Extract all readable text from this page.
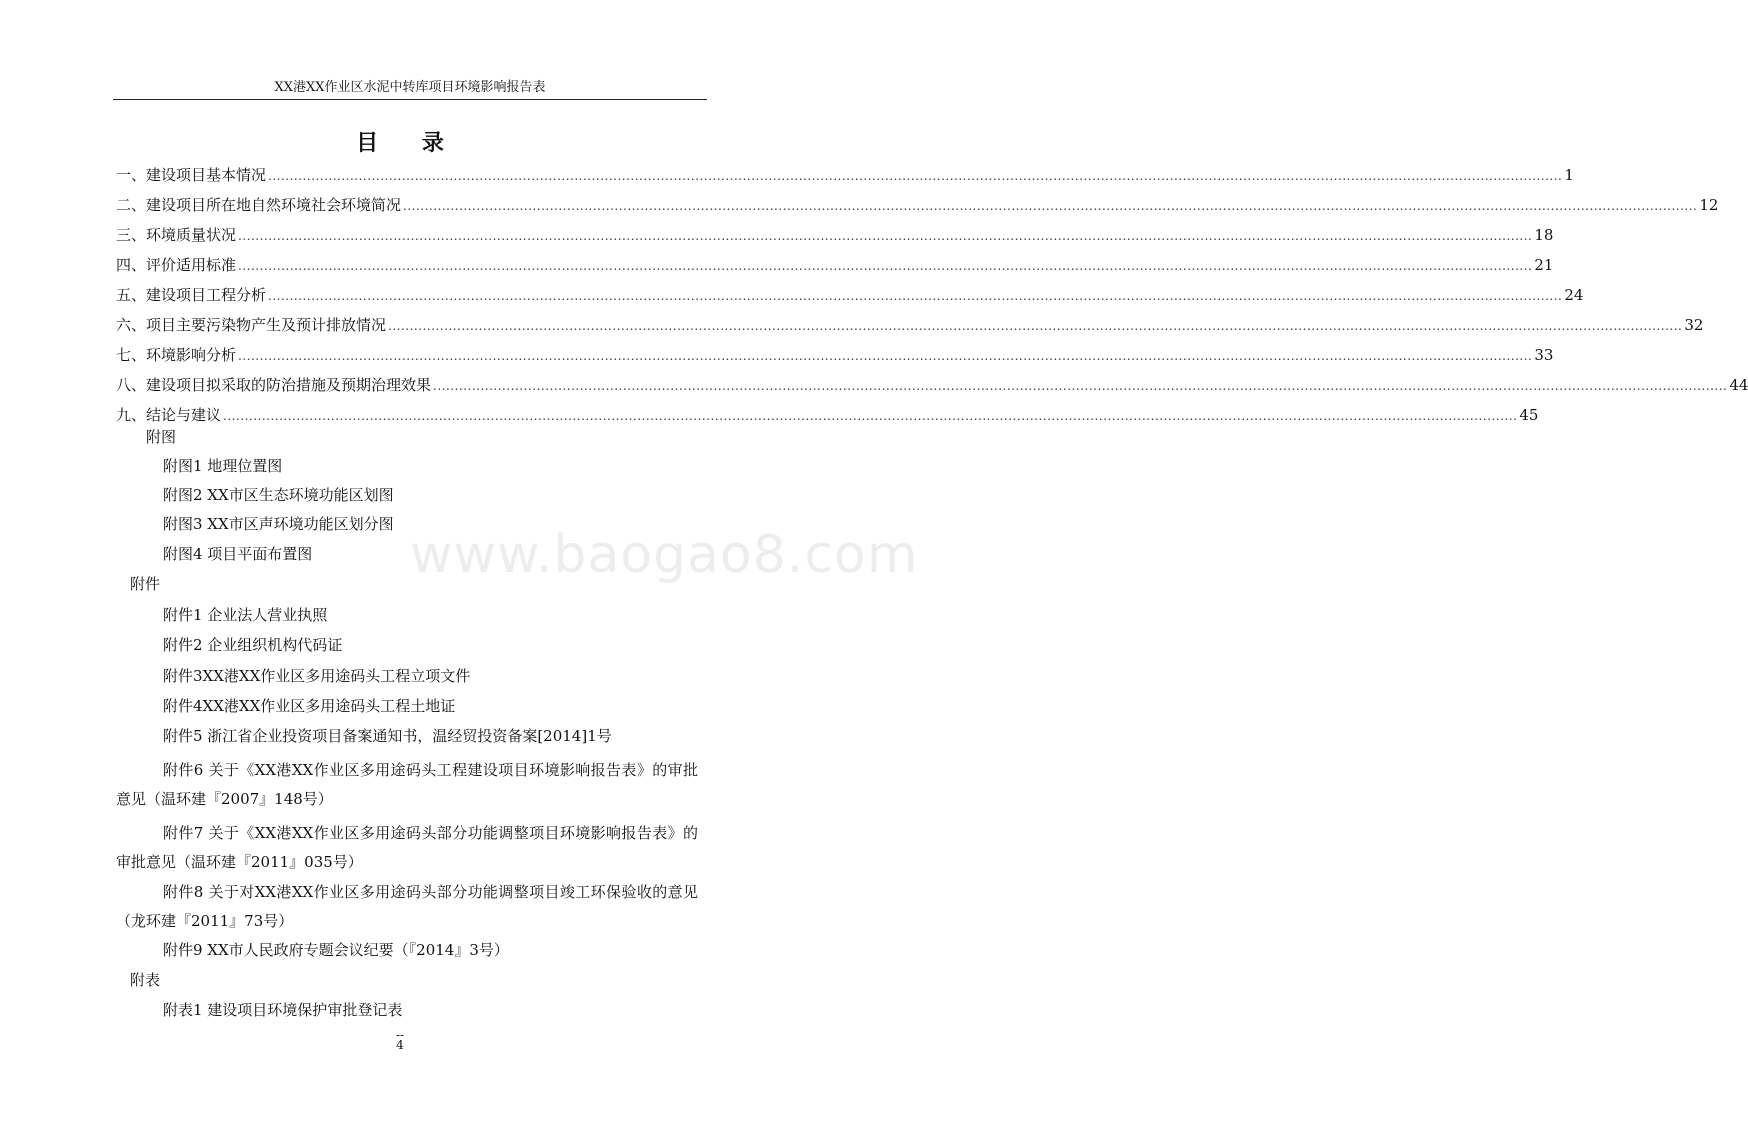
XX港XX作业区水泥中转库项目环境影响报告表
www.baogao8.com
目 录
一、建设项目基本情况 ............................................................................................................................................................................................................................................................................................................ 1
二、建设项目所在地自然环境社会环境简况 ............................................................................................................................................................................................................................................................................................................ 12
三、环境质量状况 ............................................................................................................................................................................................................................................................................................................ 18
四、评价适用标准 ............................................................................................................................................................................................................................................................................................................ 21
五、建设项目工程分析 ............................................................................................................................................................................................................................................................................................................ 24
六、项目主要污染物产生及预计排放情况 ............................................................................................................................................................................................................................................................................................................ 32
七、环境影响分析 ............................................................................................................................................................................................................................................................................................................ 33
八、建设项目拟采取的防治措施及预期治理效果 ............................................................................................................................................................................................................................................................................................................ 44
九、结论与建议 ............................................................................................................................................................................................................................................................................................................ 45
附图
附图1 地理位置图
附图2 XX市区生态环境功能区划图
附图3 XX市区声环境功能区划分图
附图4 项目平面布置图
附件
附件1 企业法人营业执照
附件2 企业组织机构代码证
附件3XX港XX作业区多用途码头工程立项文件
附件4XX港XX作业区多用途码头工程土地证
附件5 浙江省企业投资项目备案通知书，温经贸投资备案[2014]1号
附件6 关于《XX港XX作业区多用途码头工程建设项目环境影响报告表》的审批意见（温环建『2007』148号）
附件7 关于《XX港XX作业区多用途码头部分功能调整项目环境影响报告表》的审批意见（温环建『2011』035号）
附件8 关于对XX港XX作业区多用途码头部分功能调整项目竣工环保验收的意见（龙环建『2011』73号）
附件9 XX市人民政府专题会议纪要（『2014』3号）
附表
附表1 建设项目环境保护审批登记表
--
4
